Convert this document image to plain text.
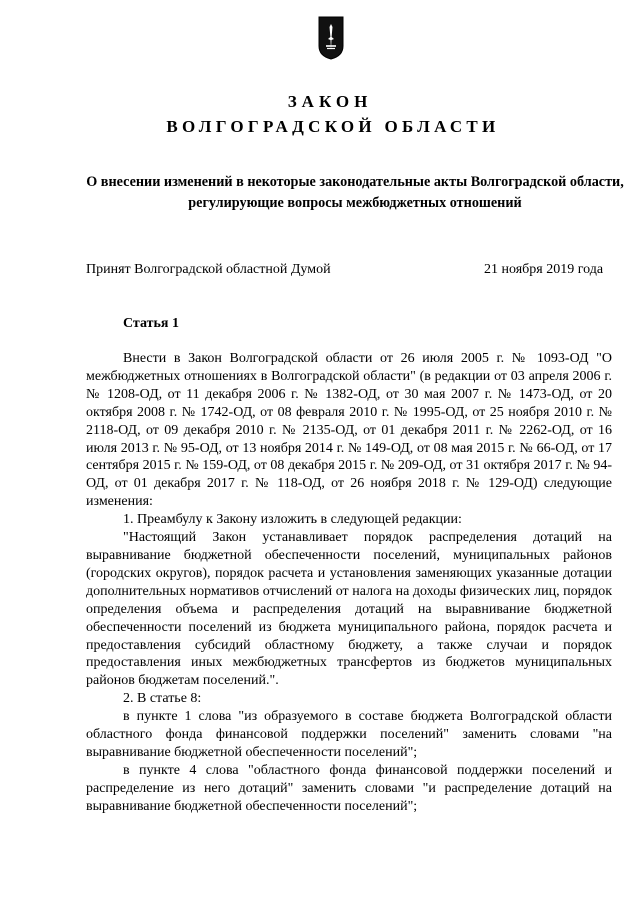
ЗАКОН
ВОЛГОГРАДСКОЙ ОБЛАСТИ
О внесении изменений в некоторые законодательные акты Волгоградской области, регулирующие вопросы межбюджетных отношений
Принят Волгоградской областной Думой	21 ноября 2019 года
Статья 1

Внести в Закон Волгоградской области от 26 июля 2005 г. № 1093-ОД "О межбюджетных отношениях в Волгоградской области" (в редакции от 03 апреля 2006 г. № 1208-ОД, от 11 декабря 2006 г. № 1382-ОД, от 30 мая 2007 г. № 1473-ОД, от 20 октября 2008 г. № 1742-ОД, от 08 февраля 2010 г. № 1995-ОД, от 25 ноября 2010 г. № 2118-ОД, от 09 декабря 2010 г. № 2135-ОД, от 01 декабря 2011 г. № 2262-ОД, от 16 июля 2013 г. № 95-ОД, от 13 ноября 2014 г. № 149-ОД, от 08 мая 2015 г. № 66-ОД, от 17 сентября 2015 г. № 159-ОД, от 08 декабря 2015 г. № 209-ОД, от 31 октября 2017 г. № 94-ОД, от 01 декабря 2017 г. № 118-ОД, от 26 ноября 2018 г. № 129-ОД) следующие изменения:

1. Преамбулу к Закону изложить в следующей редакции:

"Настоящий Закон устанавливает порядок распределения дотаций на выравнивание бюджетной обеспеченности поселений, муниципальных районов (городских округов), порядок расчета и установления заменяющих указанные дотации дополнительных нормативов отчислений от налога на доходы физических лиц, порядок определения объема и распределения дотаций на выравнивание бюджетной обеспеченности поселений из бюджета муниципального района, порядок расчета и предоставления субсидий областному бюджету, а также случаи и порядок предоставления иных межбюджетных трансфертов из бюджетов муниципальных районов бюджетам поселений.".

2. В статье 8:

в пункте 1 слова "из образуемого в составе бюджета Волгоградской области областного фонда финансовой поддержки поселений" заменить словами "на выравнивание бюджетной обеспеченности поселений";

в пункте 4 слова "областного фонда финансовой поддержки поселений и распределение из него дотаций" заменить словами "и распределение дотаций на выравнивание бюджетной обеспеченности поселений";
